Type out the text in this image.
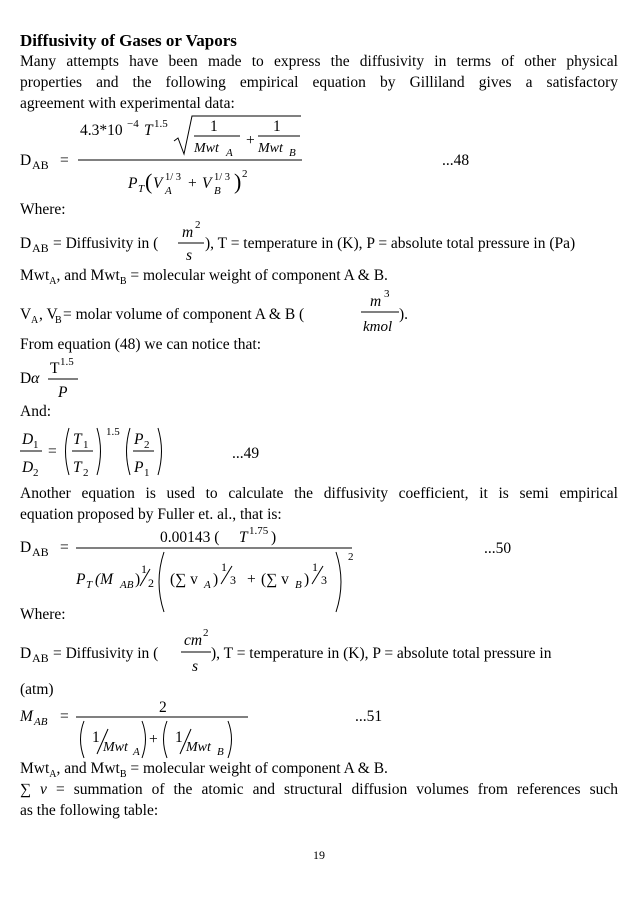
Diffusivity of Gases or Vapors
Many attempts have been made to express the diffusivity in terms of other physical
properties and the following empirical equation by Gilliland gives a satisfactory
agreement with experimental data:
D AB =
4.3*10 −4 T 1.5	1
Mwt A
+
1
Mwt B
P T ( V 1/ 3
A + V 1/ 3
B ) 2
...48
Where:
D AB = Diffusivity in (
m 2
s
), T = temperature in (K), P = absolute total pressure in (Pa)
Mwt$_A$, and Mwt$_B$ = molecular weight of component A & B.
V A , V
B = molar volume of component A & B (
m 3
kmol
).
From equation (48) we can notice that:
D α
T 1.5
P
And:
D 1
D 2
=
T 1
T 2
1.5 P 2
P 1
...49
Another equation is used to calculate the diffusivity coefficient, it is semi empirical
equation proposed by Fuller et. al., that is:
D AB =
0.00143 ( T 1.75 )
P T (M AB )
1
2 (∑ v A )
1
3 + (∑ v B )
1
3
2	...50
Where:
D AB = Diffusivity in (
cm 2
s
), T = temperature in (K), P = absolute total pressure in
(atm)
M AB =
2
1
Mwt A
+ 1
Mwt B
...51
Mwt$_A$, and Mwt$_B$ = molecular weight of component A & B.
∑ v = summation of the atomic and structural diffusion volumes from references such
as the following table:
19
